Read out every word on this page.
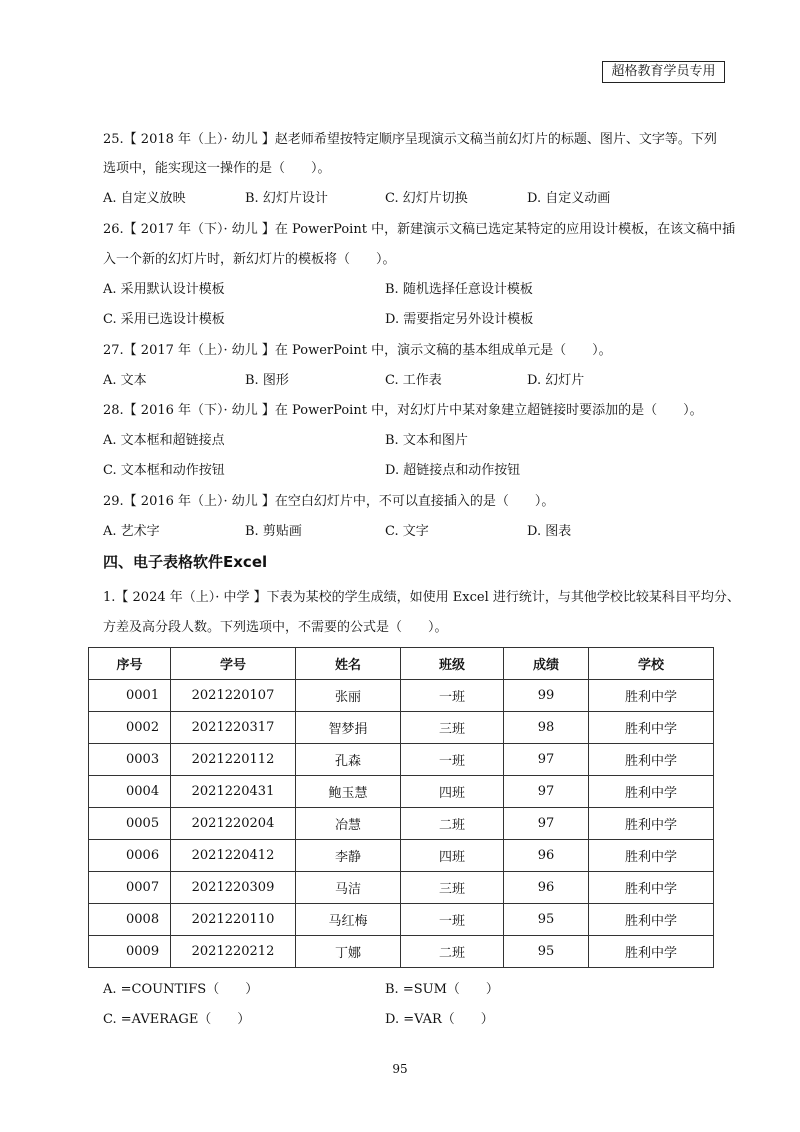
超格教育学员专用
25.【 2018 年（上）· 幼儿 】赵老师希望按特定顺序呈现演示文稿当前幻灯片的标题、图片、文字等。下列
选项中，能实现这一操作的是（　　）。
A. 自定义放映	B. 幻灯片设计	C. 幻灯片切换	D. 自定义动画
26.【 2017 年（下）· 幼儿 】在 PowerPoint 中，新建演示文稿已选定某特定的应用设计模板，在该文稿中插
入一个新的幻灯片时，新幻灯片的模板将（　　）。
A. 采用默认设计模板	B. 随机选择任意设计模板
C. 采用已选设计模板	D. 需要指定另外设计模板
27.【 2017 年（上）· 幼儿 】在 PowerPoint 中，演示文稿的基本组成单元是（　　）。
A. 文本	B. 图形	C. 工作表	D. 幻灯片
28.【 2016 年（下）· 幼儿 】在 PowerPoint 中，对幻灯片中某对象建立超链接时要添加的是（　　）。
A. 文本框和超链接点	B. 文本和图片
C. 文本框和动作按钮	D. 超链接点和动作按钮
29.【 2016 年（上）· 幼儿 】在空白幻灯片中，不可以直接插入的是（　　）。
A. 艺术字	B. 剪贴画	C. 文字	D. 图表
四、电子表格软件Excel
1.【 2024 年（上）· 中学 】下表为某校的学生成绩，如使用 Excel 进行统计，与其他学校比较某科目平均分、
方差及高分段人数。下列选项中，不需要的公式是（　　）。
序号	学号	姓名	班级	成绩	学校
0001	2021220107	张丽	一班	99	胜利中学
0002	2021220317	智梦捐	三班	98	胜利中学
0003	2021220112	孔森	一班	97	胜利中学
0004	2021220431	鲍玉慧	四班	97	胜利中学
0005	2021220204	冶慧	二班	97	胜利中学
0006	2021220412	李静	四班	96	胜利中学
0007	2021220309	马洁	三班	96	胜利中学
0008	2021220110	马红梅	一班	95	胜利中学
0009	2021220212	丁娜	二班	95	胜利中学
A. =COUNTIFS（　　）	B. =SUM（　　）
C. =AVERAGE（　　）	D. =VAR（　　）
95
